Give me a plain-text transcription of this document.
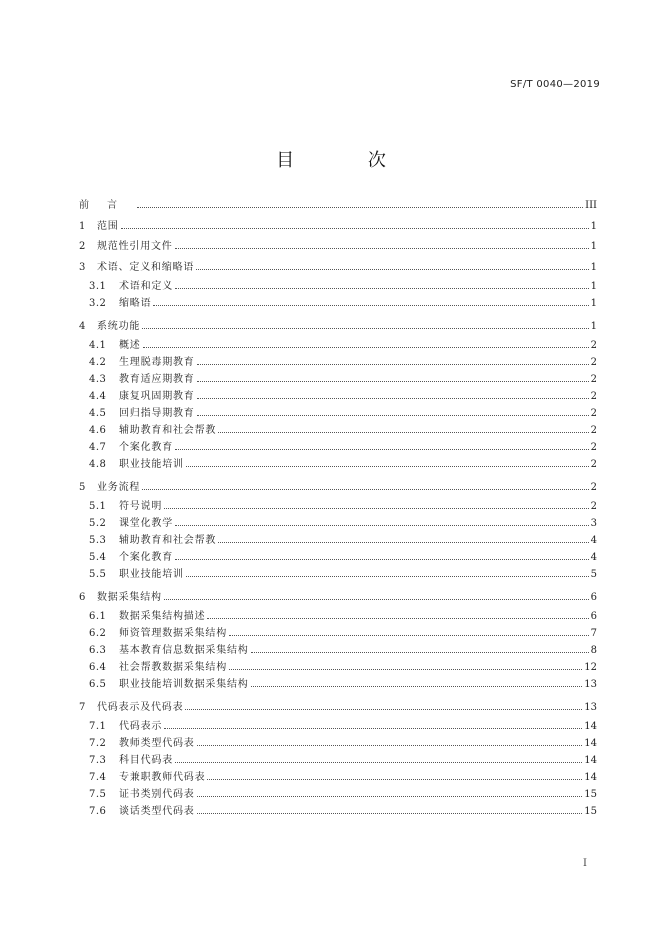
SF/T 0040—2019
目 次
前言	III
1	范围	1
2	规范性引用文件	1
3	术语、定义和缩略语	1
3.1	术语和定义	1
3.2	缩略语	1
4	系统功能	1
4.1	概述	2
4.2	生理脱毒期教育	2
4.3	教育适应期教育	2
4.4	康复巩固期教育	2
4.5	回归指导期教育	2
4.6	辅助教育和社会帮教	2
4.7	个案化教育	2
4.8	职业技能培训	2
5	业务流程	2
5.1	符号说明	2
5.2	课堂化教学	3
5.3	辅助教育和社会帮教	4
5.4	个案化教育	4
5.5	职业技能培训	5
6	数据采集结构	6
6.1	数据采集结构描述	6
6.2	师资管理数据采集结构	7
6.3	基本教育信息数据采集结构	8
6.4	社会帮教数据采集结构	12
6.5	职业技能培训数据采集结构	13
7	代码表示及代码表	13
7.1	代码表示	14
7.2	教师类型代码表	14
7.3	科目代码表	14
7.4	专兼职教师代码表	14
7.5	证书类别代码表	15
7.6	谈话类型代码表	15
I
